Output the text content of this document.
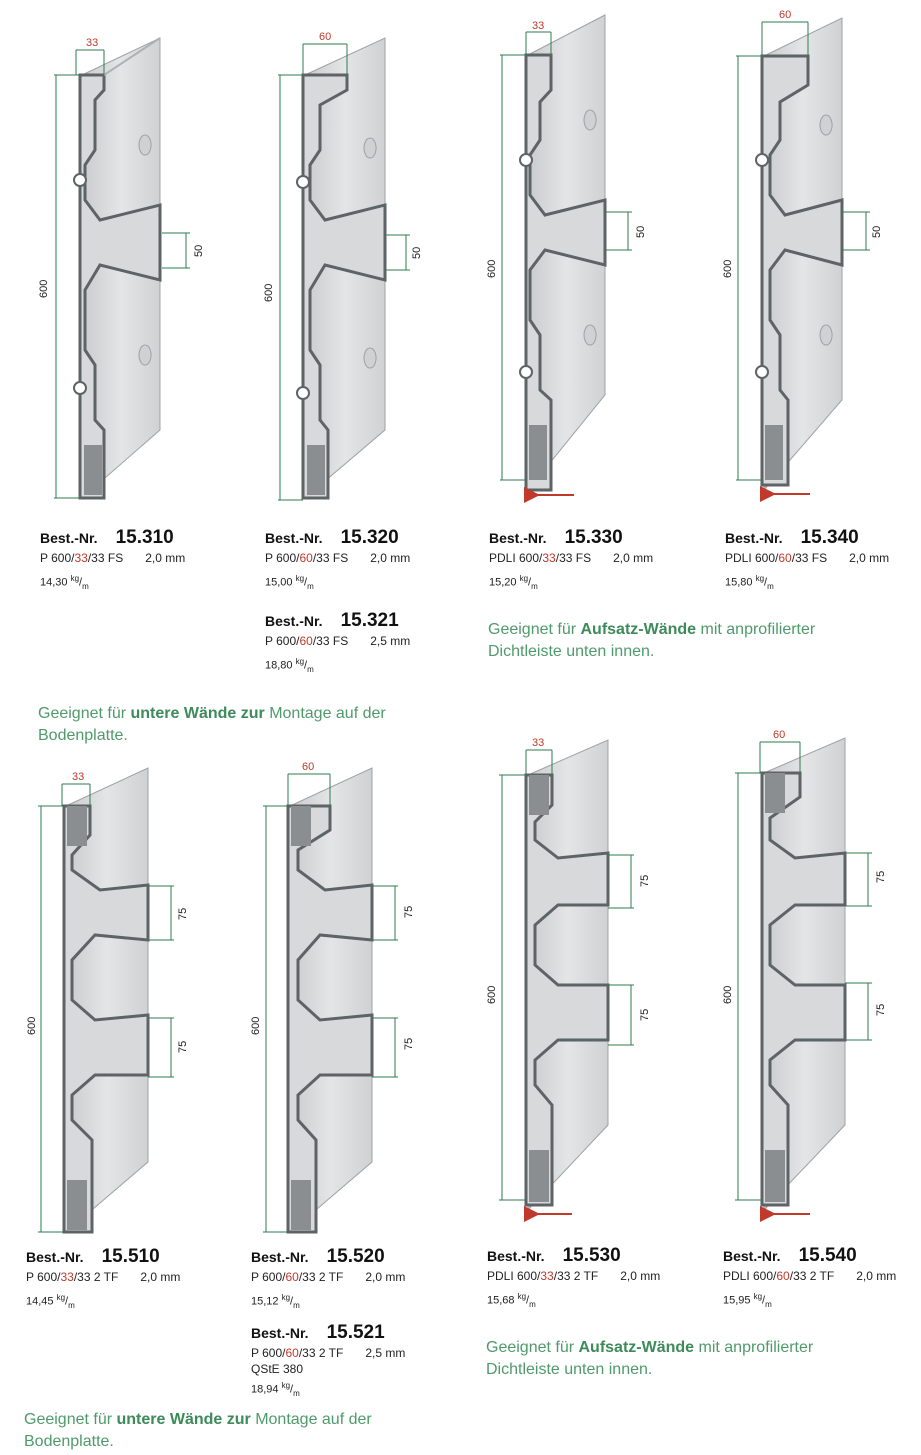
33
600
50
60
600
50
33
600
50
60
600
50
33
600
75
75
60
600
75
75
33
600
75
75
60
600
75
75
Best.-Nr. 15.310
P 600/33/33 FS 2,0 mm
14,30 $^{kg}/_m$
Best.-Nr. 15.320
P 600/60/33 FS 2,0 mm
15,00 $^{kg}/_m$
Best.-Nr. 15.321
P 600/60/33 FS 2,5 mm
18,80 $^{kg}/_m$
Best.-Nr. 15.330
PDLI 600/33/33 FS 2,0 mm
15,20 $^{kg}/_m$
Best.-Nr. 15.340
PDLI 600/60/33 FS 2,0 mm
15,80 $^{kg}/_m$
Geeignet für Aufsatz-Wände mit anprofilierter Dichtleiste unten innen.
Geeignet für untere Wände zur Montage auf der Bodenplatte.
Best.-Nr. 15.510
P 600/33/33 2 TF 2,0 mm
14,45 $^{kg}/_m$
Best.-Nr. 15.520
P 600/60/33 2 TF 2,0 mm
15,12 $^{kg}/_m$
Best.-Nr. 15.521
P 600/60/33 2 TF 2,5 mm
QStE 380
18,94 $^{kg}/_m$
Best.-Nr. 15.530
PDLI 600/33/33 2 TF 2,0 mm
15,68 $^{kg}/_m$
Best.-Nr. 15.540
PDLI 600/60/33 2 TF 2,0 mm
15,95 $^{kg}/_m$
Geeignet für Aufsatz-Wände mit anprofilierter Dichtleiste unten innen.
Geeignet für untere Wände zur Montage auf der Bodenplatte.
